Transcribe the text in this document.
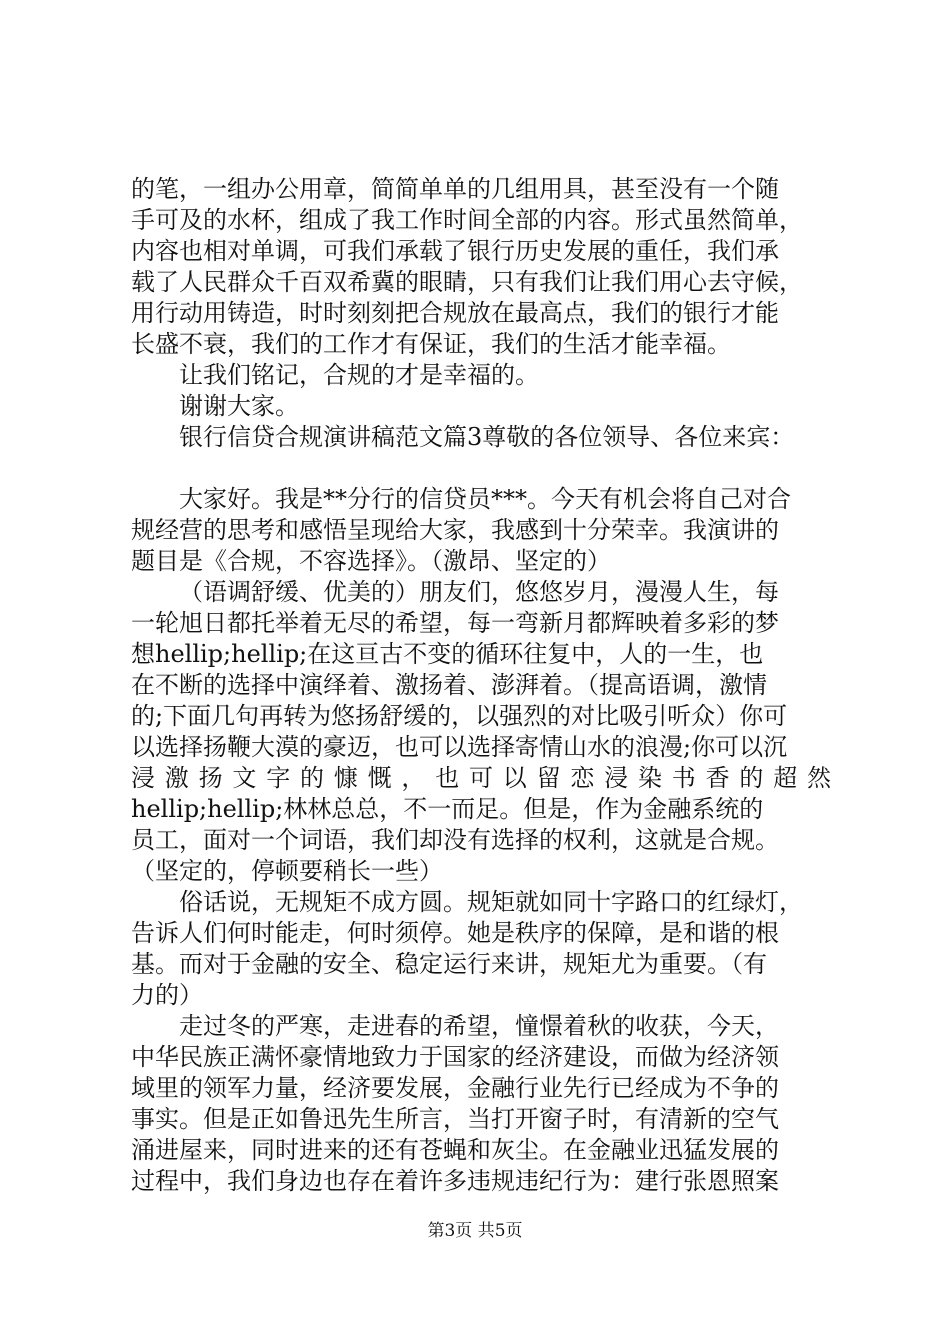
的笔，一组办公用章，简简单单的几组用具，甚至没有一个随
手可及的水杯，组成了我工作时间全部的内容。形式虽然简单，
内容也相对单调，可我们承载了银行历史发展的重任，我们承
载了人民群众千百双希冀的眼睛，只有我们让我们用心去守候，
用行动用铸造，时时刻刻把合规放在最高点，我们的银行才能
长盛不衰，我们的工作才有保证，我们的生活才能幸福。
让我们铭记，合规的才是幸福的。
谢谢大家。
银行信贷合规演讲稿范文篇3尊敬的各位领导、各位来宾：
大家好。我是**分行的信贷员***。今天有机会将自己对合
规经营的思考和感悟呈现给大家，我感到十分荣幸。我演讲的
题目是《合规，不容选择》。（激昂、坚定的）
（语调舒缓、优美的）朋友们，悠悠岁月，漫漫人生，每
一轮旭日都托举着无尽的希望，每一弯新月都辉映着多彩的梦
想hellip;hellip;在这亘古不变的循环往复中，人的一生，也
在不断的选择中演绎着、激扬着、澎湃着。（提高语调，激情
的;下面几句再转为悠扬舒缓的，以强烈的对比吸引听众）你可
以选择扬鞭大漠的豪迈，也可以选择寄情山水的浪漫;你可以沉
浸激扬文字的慷慨，也可以留恋浸染书香的超然
hellip;hellip;林林总总，不一而足。但是，作为金融系统的
员工，面对一个词语，我们却没有选择的权利，这就是合规。
（坚定的，停顿要稍长一些）
俗话说，无规矩不成方圆。规矩就如同十字路口的红绿灯，
告诉人们何时能走，何时须停。她是秩序的保障，是和谐的根
基。而对于金融的安全、稳定运行来讲，规矩尤为重要。（有
力的）
走过冬的严寒，走进春的希望，憧憬着秋的收获，今天，
中华民族正满怀豪情地致力于国家的经济建设，而做为经济领
域里的领军力量，经济要发展，金融行业先行已经成为不争的
事实。但是正如鲁迅先生所言，当打开窗子时，有清新的空气
涌进屋来，同时进来的还有苍蝇和灰尘。在金融业迅猛发展的
过程中，我们身边也存在着许多违规违纪行为：建行张恩照案
第3页 共5页
